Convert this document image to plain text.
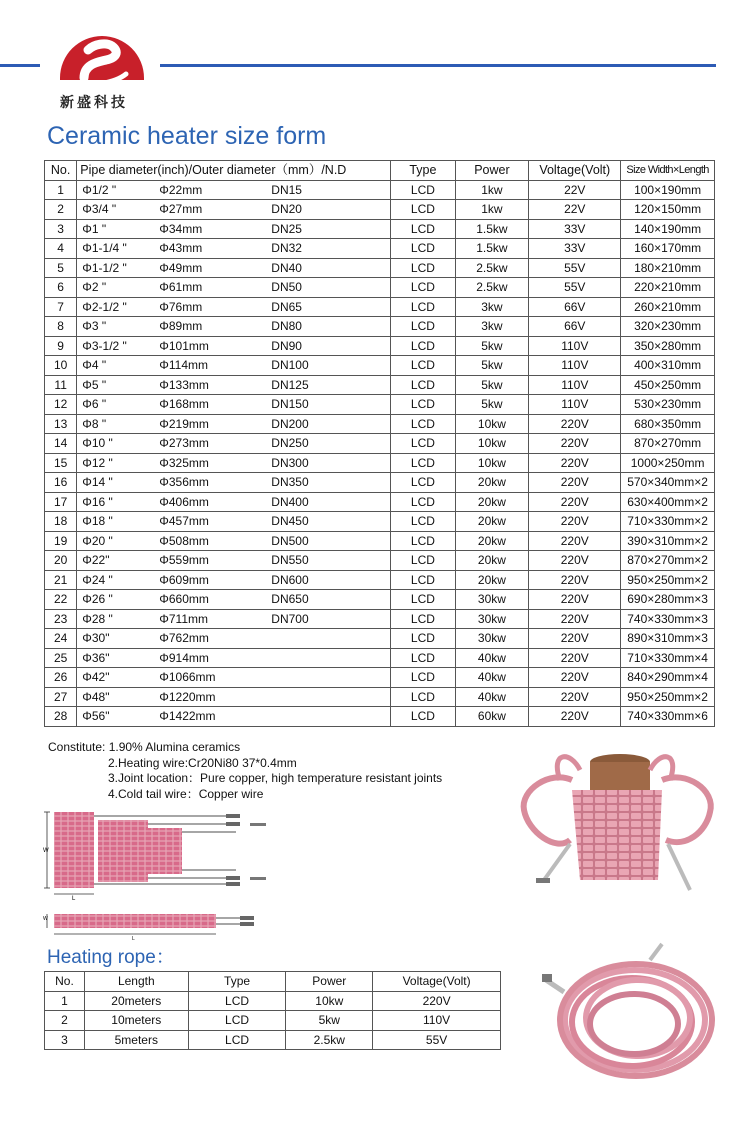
新盛科技
Ceramic heater size form
No.	Pipe diameter(inch)/Outer diameter（mm）/N.D	Type	Power	Voltage(Volt)	Size Width×Length
1	Φ1/2 " Φ22mm DN15	LCD	1kw	22V	100×190mm
2	Φ3/4 " Φ27mm DN20	LCD	1kw	22V	120×150mm
3	Φ1 " Φ34mm DN25	LCD	1.5kw	33V	140×190mm
4	Φ1-1/4 " Φ43mm DN32	LCD	1.5kw	33V	160×170mm
5	Φ1-1/2 " Φ49mm DN40	LCD	2.5kw	55V	180×210mm
6	Φ2 " Φ61mm DN50	LCD	2.5kw	55V	220×210mm
7	Φ2-1/2 " Φ76mm DN65	LCD	3kw	66V	260×210mm
8	Φ3 " Φ89mm DN80	LCD	3kw	66V	320×230mm
9	Φ3-1/2 " Φ101mm DN90	LCD	5kw	110V	350×280mm
10	Φ4 " Φ114mm DN100	LCD	5kw	110V	400×310mm
11	Φ5 " Φ133mm DN125	LCD	5kw	110V	450×250mm
12	Φ6 " Φ168mm DN150	LCD	5kw	110V	530×230mm
13	Φ8 " Φ219mm DN200	LCD	10kw	220V	680×350mm
14	Φ10 " Φ273mm DN250	LCD	10kw	220V	870×270mm
15	Φ12 " Φ325mm DN300	LCD	10kw	220V	1000×250mm
16	Φ14 " Φ356mm DN350	LCD	20kw	220V	570×340mm×2
17	Φ16 " Φ406mm DN400	LCD	20kw	220V	630×400mm×2
18	Φ18 " Φ457mm DN450	LCD	20kw	220V	710×330mm×2
19	Φ20 " Φ508mm DN500	LCD	20kw	220V	390×310mm×2
20	Φ22" Φ559mm DN550	LCD	20kw	220V	870×270mm×2
21	Φ24 " Φ609mm DN600	LCD	20kw	220V	950×250mm×2
22	Φ26 " Φ660mm DN650	LCD	30kw	220V	690×280mm×3
23	Φ28 " Φ711mm DN700	LCD	30kw	220V	740×330mm×3
24	Φ30" Φ762mm	LCD	30kw	220V	890×310mm×3
25	Φ36" Φ914mm	LCD	40kw	220V	710×330mm×4
26	Φ42" Φ1066mm	LCD	40kw	220V	840×290mm×4
27	Φ48" Φ1220mm	LCD	40kw	220V	950×250mm×2
28	Φ56" Φ1422mm	LCD	60kw	220V	740×330mm×6
Constitute: 1.90% Alumina ceramics
2.Heating wire:Cr20Ni80 37*0.4mm
3.Joint location：Pure copper, high temperature resistant joints
4.Cold tail wire：Copper wire
W
L
W
L
Heating rope：
No.	Length	Type	Power	Voltage(Volt)
1	20meters	LCD	10kw	220V
2	10meters	LCD	5kw	110V
3	5meters	LCD	2.5kw	55V
